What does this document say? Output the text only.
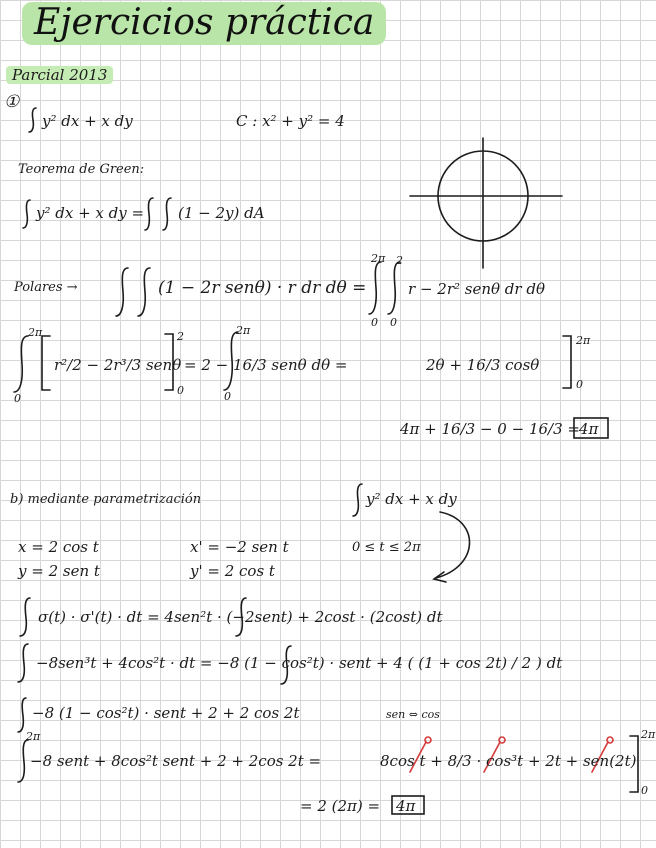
Ejercicios práctica
Parcial 2013
①
y² dx + x dy	C : x² + y² = 4
Teorema de Green:
y² dx + x dy = (1 − 2y) dA
Polares →	(1 − 2r senθ) · r dr dθ =
2
2π
0 0
r − 2r² senθ dr dθ
2π
0
r²/2 − 2r³/3 senθ
2
0
= 2 − 16/3 senθ dθ =
2π
0
2θ + 16/3 cosθ
2π
0
4π + 16/3 − 0 − 16/3 = 4π
b) mediante parametrización	y² dx + x dy
x = 2 cos t
y = 2 sen t
x' = −2 sen t
y' = 2 cos t
0 ≤ t ≤ 2π
σ(t) · σ'(t) · dt = 4sen²t · (−2sent) + 2cost · (2cost) dt
−8sen³t + 4cos²t · dt = −8 (1 − cos²t) · sent + 4 ( (1 + cos 2t) / 2 ) dt
−8 (1 − cos²t) · sent + 2 + 2 cos 2t	sen ⇔ cos
2π
−8 sent + 8cos²t sent + 2 + 2cos 2t =	8cos t + 8/3 · cos³t + 2t + sen(2t)
2π
0
= 2 (2π) = 4π
